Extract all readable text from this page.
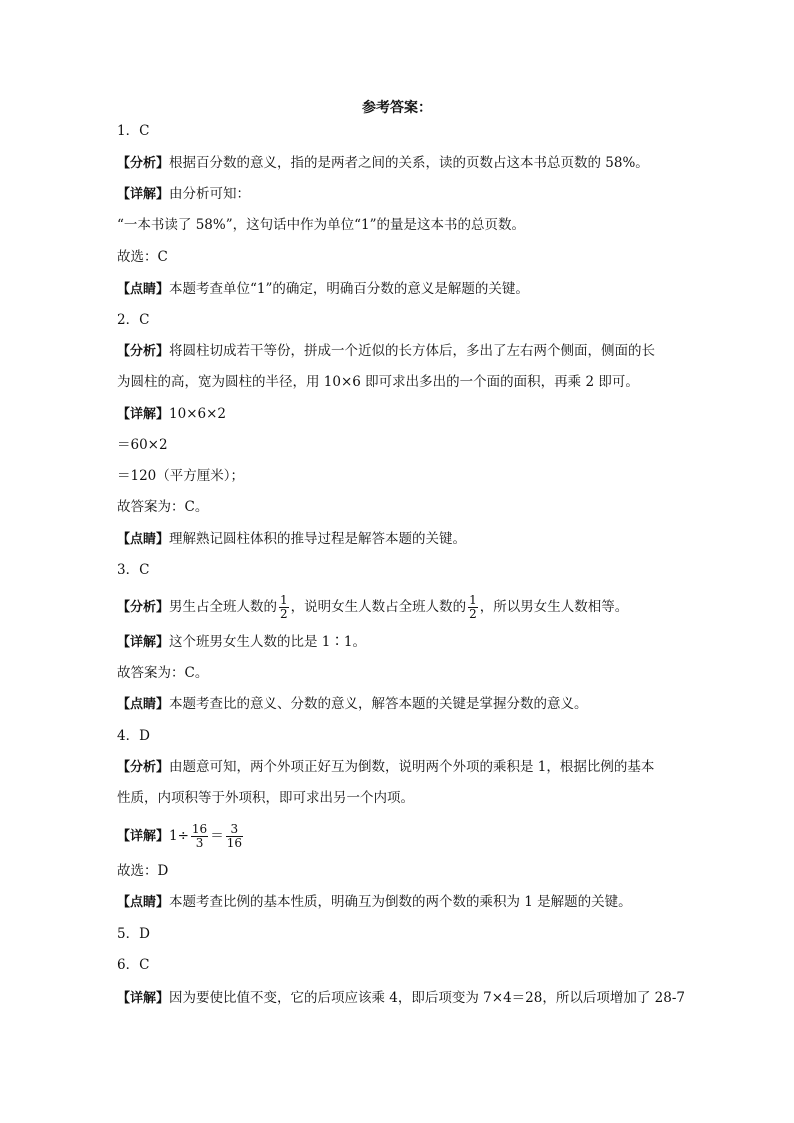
参考答案：
1．C
【分析】根据百分数的意义，指的是两者之间的关系，读的页数占这本书总页数的 58%。
【详解】由分析可知：
“一本书读了 58%”，这句话中作为单位“1”的量是这本书的总页数。
故选：C
【点睛】本题考查单位“1”的确定，明确百分数的意义是解题的关键。
2．C
【分析】将圆柱切成若干等份，拼成一个近似的长方体后，多出了左右两个侧面，侧面的长
为圆柱的高，宽为圆柱的半径，用 10×6 即可求出多出的一个面的面积，再乘 2 即可。
【详解】10×6×2
＝60×2
＝120（平方厘米）；
故答案为：C。
【点睛】理解熟记圆柱体积的推导过程是解答本题的关键。
3．C
【分析】男生占全班人数的 $\frac{1}{2}$ ，说明女生人数占全班人数的 $\frac{1}{2}$ ，所以男女生人数相等。
【详解】这个班男女生人数的比是 1∶1。
故答案为：C。
【点睛】本题考查比的意义、分数的意义，解答本题的关键是掌握分数的意义。
4．D
【分析】由题意可知，两个外项正好互为倒数，说明两个外项的乘积是 1，根据比例的基本
性质，内项积等于外项积，即可求出另一个内项。
【详解】$1\div \frac{16}{3} = \frac{3}{16}$
故选：D
【点睛】本题考查比例的基本性质，明确互为倒数的两个数的乘积为 1 是解题的关键。
5．D
6．C
【详解】因为要使比值不变，它的后项应该乘 4，即后项变为 7×4＝28，所以后项增加了 28-7
